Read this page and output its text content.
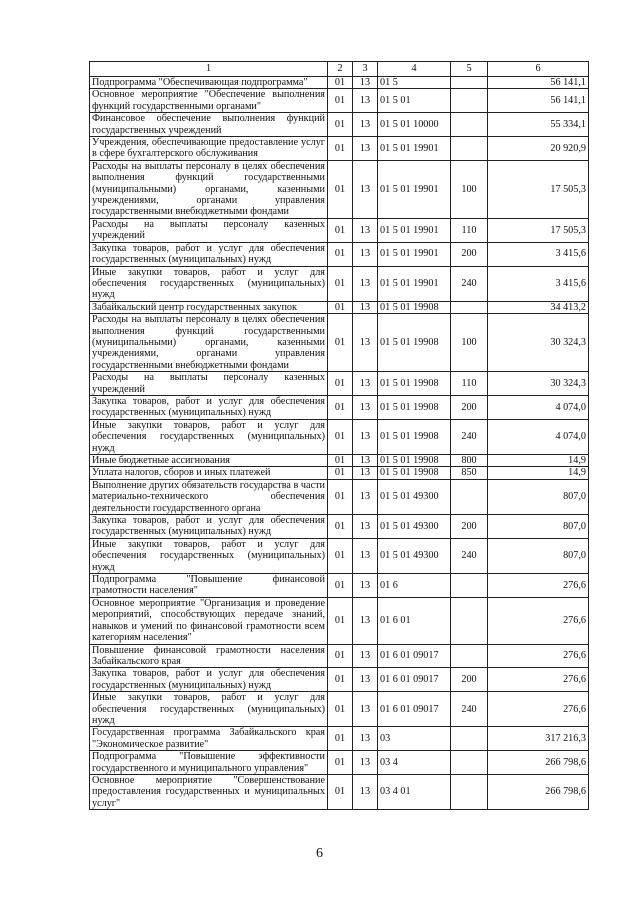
1	2	3	4	5	6
Подпрограмма "Обеспечивающая подпрограмма"	01	13	01 5		56 141,1
Основное мероприятие "Обеспечение выполнения функций государственными органами"	01	13	01 5 01		56 141,1
Финансовое обеспечение выполнения функций государственных учреждений	01	13	01 5 01 10000		55 334,1
Учреждения, обеспечивающие предоставление услуг в сфере бухгалтерского обслуживания	01	13	01 5 01 19901		20 920,9
Расходы на выплаты персоналу в целях обеспечения выполнения функций государственными (муниципальными) органами, казенными учреждениями, органами управления государственными внебюджетными фондами	01	13	01 5 01 19901	100	17 505,3
Расходы на выплаты персоналу казенных учреждений	01	13	01 5 01 19901	110	17 505,3
Закупка товаров, работ и услуг для обеспечения государственных (муниципальных) нужд	01	13	01 5 01 19901	200	3 415,6
Иные закупки товаров, работ и услуг для обеспечения государственных (муниципальных) нужд	01	13	01 5 01 19901	240	3 415,6
Забайкальский центр государственных закупок	01	13	01 5 01 19908		34 413,2
Расходы на выплаты персоналу в целях обеспечения выполнения функций государственными (муниципальными) органами, казенными учреждениями, органами управления государственными внебюджетными фондами	01	13	01 5 01 19908	100	30 324,3
Расходы на выплаты персоналу казенных учреждений	01	13	01 5 01 19908	110	30 324,3
Закупка товаров, работ и услуг для обеспечения государственных (муниципальных) нужд	01	13	01 5 01 19908	200	4 074,0
Иные закупки товаров, работ и услуг для обеспечения государственных (муниципальных) нужд	01	13	01 5 01 19908	240	4 074,0
Иные бюджетные ассигнования	01	13	01 5 01 19908	800	14,9
Уплата налогов, сборов и иных платежей	01	13	01 5 01 19908	850	14,9
Выполнение других обязательств государства в части материально-технического обеспечения деятельности государственного органа	01	13	01 5 01 49300		807,0
Закупка товаров, работ и услуг для обеспечения государственных (муниципальных) нужд	01	13	01 5 01 49300	200	807,0
Иные закупки товаров, работ и услуг для обеспечения государственных (муниципальных) нужд	01	13	01 5 01 49300	240	807,0
Подпрограмма "Повышение финансовой грамотности населения"	01	13	01 6		276,6
Основное мероприятие "Организация и проведение мероприятий, способствующих передаче знаний, навыков и умений по финансовой грамотности всем категориям населения"	01	13	01 6 01		276,6
Повышение финансовой грамотности населения Забайкальского края	01	13	01 6 01 09017		276,6
Закупка товаров, работ и услуг для обеспечения государственных (муниципальных) нужд	01	13	01 6 01 09017	200	276,6
Иные закупки товаров, работ и услуг для обеспечения государственных (муниципальных) нужд	01	13	01 6 01 09017	240	276,6
Государственная программа Забайкальского края "Экономическое развитие"	01	13	03		317 216,3
Подпрограмма "Повышение эффективности государственного и муниципального управления"	01	13	03 4		266 798,6
Основное мероприятие "Совершенствование предоставления государственных и муниципальных услуг"	01	13	03 4 01		266 798,6
6
